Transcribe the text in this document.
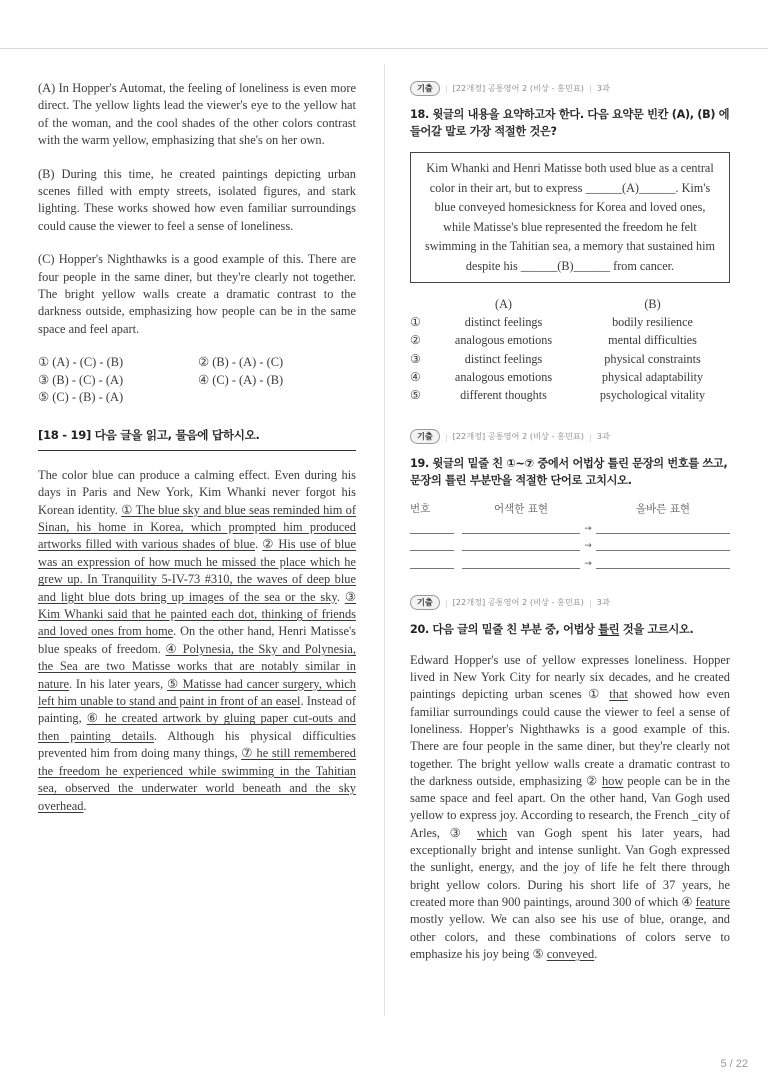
(A) In Hopper's Automat, the feeling of loneliness is even more direct. The yellow lights lead the viewer's eye to the yellow hat of the woman, and the cool shades of the other colors contrast with the warm yellow, emphasizing that she's on her own.

(B) During this time, he created paintings depicting urban scenes filled with empty streets, isolated figures, and stark lighting. These works showed how even familiar surroundings could cause the viewer to feel a sense of loneliness.

(C) Hopper's Nighthawks is a good example of this. There are four people in the same diner, but they're clearly not together. The bright yellow walls create a dramatic contrast to the darkness outside, emphasizing how people can be in the same space and feel apart.

① (A) - (C) - (B)	② (B) - (A) - (C)
③ (B) - (C) - (A)	④ (C) - (A) - (B)
⑤ (C) - (B) - (A)
[18 - 19] 다음 글을 읽고, 물음에 답하시오.

The color blue can produce a calming effect. Even during his days in Paris and New York, Kim Whanki never forgot his Korean identity. ① The blue sky and blue seas reminded him of Sinan, his home in Korea, which prompted him produced artworks filled with various shades of blue. ② His use of blue was an expression of how much he missed the place which he grew up. In Tranquility 5-IV-73 #310, the waves of deep blue and light blue dots bring up images of the sea or the sky. ③ Kim Whanki said that he painted each dot, thinking of friends and loved ones from home. On the other hand, Henri Matisse's blue speaks of freedom. ④ Polynesia, the Sky and Polynesia, the Sea are two Matisse works that are notably similar in nature. In his later years, ⑤ Matisse had cancer surgery, which left him unable to stand and paint in front of an easel. Instead of painting, ⑥ he created artwork by gluing paper cut-outs and then painting details. Although his physical difficulties prevented him from doing many things, ⑦ he still remembered the freedom he experienced while swimming in the Tahitian sea, observed the underwater world beneath and the sky overhead.

기출	| [22개정] 공통영어 2 (비상 - 홍민표) | 3과
18. 윗글의 내용을 요약하고자 한다. 다음 요약문 빈칸 (A), (B) 에 들어갈 말로 가장 적절한 것은?
Kim Whanki and Henri Matisse both used blue as a central color in their art, but to express ______(A)______. Kim's blue conveyed homesickness for Korea and loved ones, while Matisse's blue represented the freedom he felt swimming in the Tahitian sea, a memory that sustained him despite his ______(B)______ from cancer.
	(A)	(B)
①	distinct feelings	bodily resilience
②	analogous emotions	mental difficulties
③	distinct feelings	physical constraints
④	analogous emotions	physical adaptability
⑤	different thoughts	psychological vitality
기출	| [22개정] 공통영어 2 (비상 - 홍민표) | 3과
19. 윗글의 밑줄 친 ①~⑦ 중에서 어법상 틀린 문장의 번호를 쓰고, 문장의 틀린 부분만을 적절한 단어로 고치시오.
번호		어색한 표현		올바른 표현

	→	

	→	

	→	
기출	| [22개정] 공통영어 2 (비상 - 홍민표) | 3과
20. 다음 글의 밑줄 친 부분 중, 어법상 틀린 것을 고르시오.

Edward Hopper's use of yellow expresses loneliness. Hopper lived in New York City for nearly six decades, and he created paintings depicting urban scenes ① that showed how even familiar surroundings could cause the viewer to feel a sense of loneliness. Hopper's Nighthawks is a good example of this. There are four people in the same diner, but they're clearly not together. The bright yellow walls create a dramatic contrast to the darkness outside, emphasizing ② how people can be in the same space and feel apart. On the other hand, Van Gogh used yellow to express joy. According to research, the French _city of Arles, ③ which van Gogh spent his later years, had exceptionally bright and intense sunlight. Van Gogh expressed the sunlight, energy, and the joy of life he felt there through bright yellow colors. During his short life of 37 years, he created more than 900 paintings, around 300 of which ④ feature mostly yellow. We can also see his use of blue, orange, and other colors, and these combinations of colors serve to emphasize his joy being ⑤ conveyed.

5 / 22
